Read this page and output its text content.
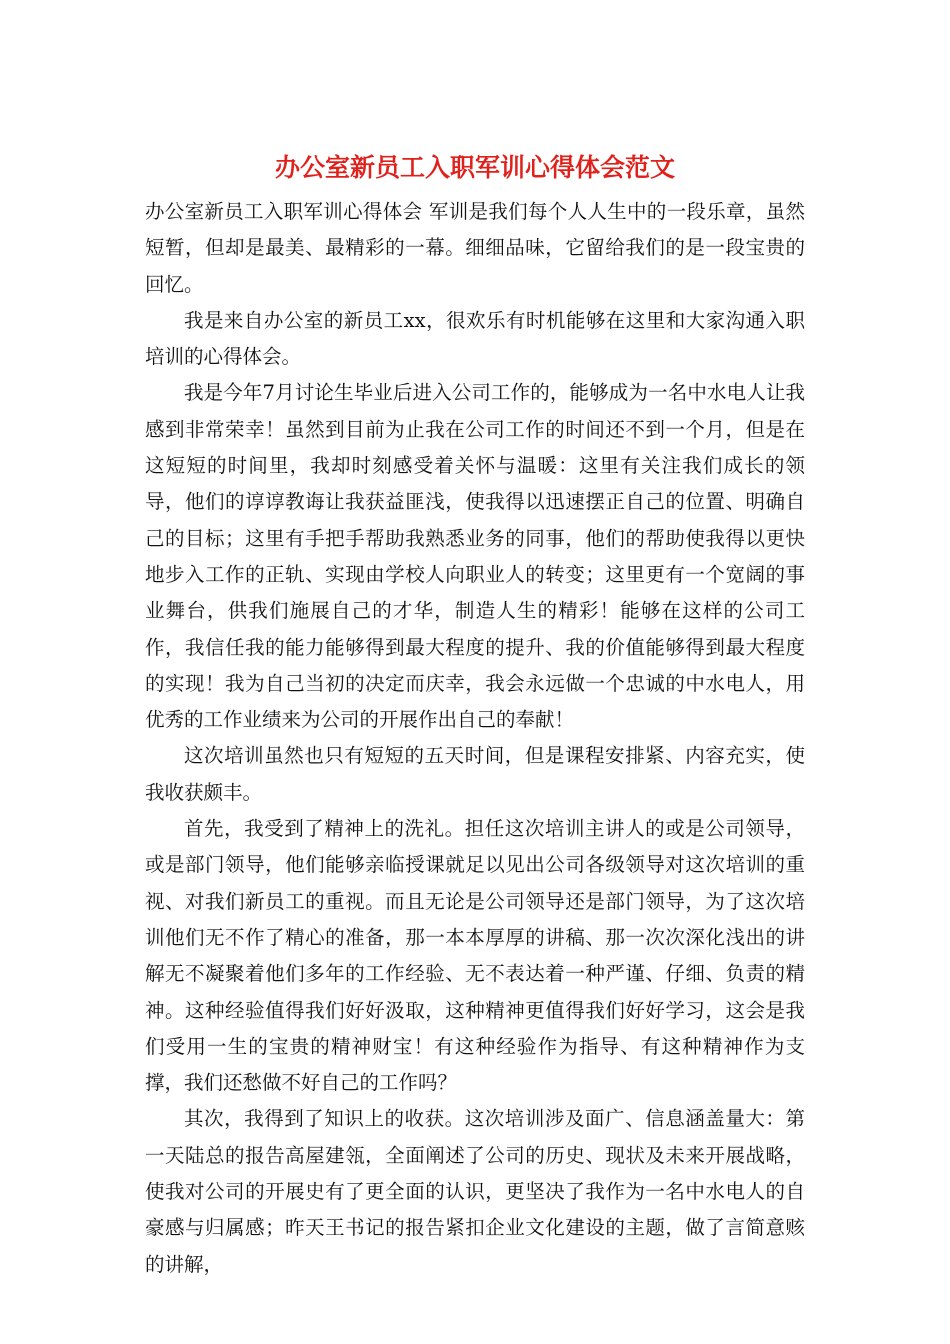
办公室新员工入职军训心得体会范文

办公室新员工入职军训心得体会 军训是我们每个人人生中的一段乐章，虽然短暂，但却是最美、最精彩的一幕。细细品味，它留给我们的是一段宝贵的回忆。

我是来自办公室的新员工xx，很欢乐有时机能够在这里和大家沟通入职培训的心得体会。

我是今年7月讨论生毕业后进入公司工作的，能够成为一名中水电人让我感到非常荣幸！虽然到目前为止我在公司工作的时间还不到一个月，但是在这短短的时间里，我却时刻感受着关怀与温暖：这里有关注我们成长的领导，他们的谆谆教诲让我获益匪浅，使我得以迅速摆正自己的位置、明确自己的目标；这里有手把手帮助我熟悉业务的同事，他们的帮助使我得以更快地步入工作的正轨、实现由学校人向职业人的转变；这里更有一个宽阔的事业舞台，供我们施展自己的才华，制造人生的精彩！能够在这样的公司工作，我信任我的能力能够得到最大程度的提升、我的价值能够得到最大程度的实现！我为自己当初的决定而庆幸，我会永远做一个忠诚的中水电人，用优秀的工作业绩来为公司的开展作出自己的奉献！

这次培训虽然也只有短短的五天时间，但是课程安排紧、内容充实，使我收获颇丰。

首先，我受到了精神上的洗礼。担任这次培训主讲人的或是公司领导，或是部门领导，他们能够亲临授课就足以见出公司各级领导对这次培训的重视、对我们新员工的重视。而且无论是公司领导还是部门领导，为了这次培训他们无不作了精心的准备，那一本本厚厚的讲稿、那一次次深化浅出的讲解无不凝聚着他们多年的工作经验、无不表达着一种严谨、仔细、负责的精神。这种经验值得我们好好汲取，这种精神更值得我们好好学习，这会是我们受用一生的宝贵的精神财宝！有这种经验作为指导、有这种精神作为支撑，我们还愁做不好自己的工作吗？

其次，我得到了知识上的收获。这次培训涉及面广、信息涵盖量大：第一天陆总的报告高屋建瓴，全面阐述了公司的历史、现状及未来开展战略，使我对公司的开展史有了更全面的认识，更坚决了我作为一名中水电人的自豪感与归属感；昨天王书记的报告紧扣企业文化建设的主题，做了言简意赅的讲解，
